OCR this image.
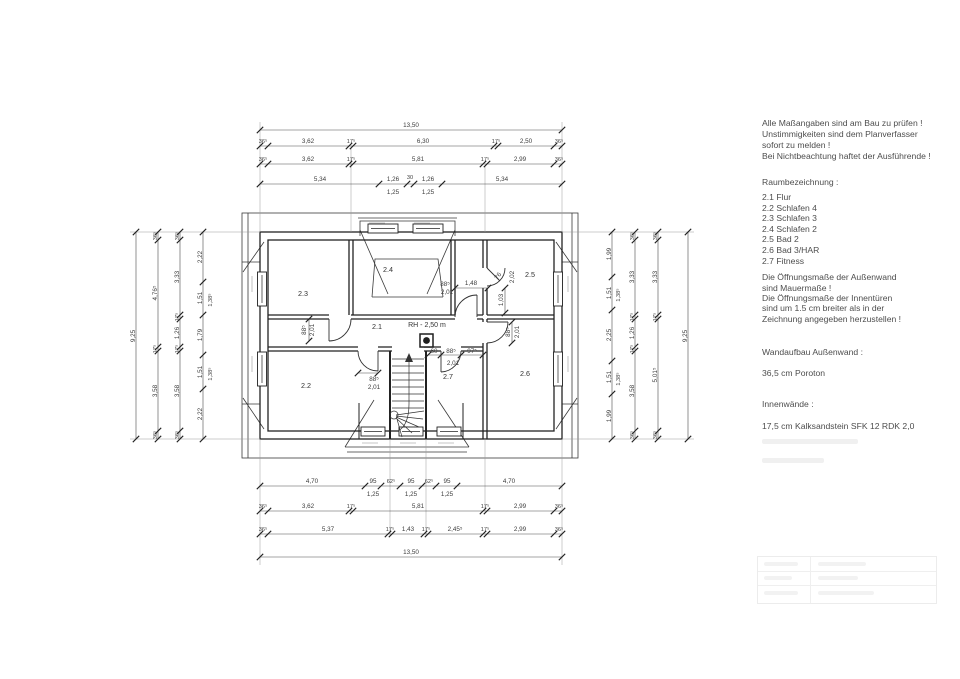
2.1	RH - 2,50 m
2.2
2.3
2.4
2.5
2.6
2.7
88⁵ 2,01
88⁵
2,01
88⁵
2,01
1,48
76 2,02
1,03
88⁵ 2,01
60 88⁵ 97⁵
2,01
13,50
36⁵	3,62	17⁵	6,30	17⁵	2,50	36⁵
36⁵	3,62	17⁵	5,81	17⁵	2,99	36⁵
5,34	1,26 30 1,26	5,34
1,25	1,25
4,70	95 62⁵ 95 62⁵ 95	4,70
1,25	1,25	1,25
36⁵	3,62	17⁵	5,81	17⁵	2,99	36⁵
36⁵	5,37	17⁵ 1,43 17⁵	2,45⁵	17⁵	2,99	36⁵
13,50
9,25
36⁵
4,76⁵
17⁵
3,58
36⁵
36⁵
3,33
17⁵
1,26
17⁵
3,58
36⁵
2,22
1,51 1,38⁵
1,79
1,51 1,38⁵
2,22
1,99
1,51 1,38⁵
2,25
1,51 1,38⁵
1,99
36⁵
3,33
17⁵
1,26
17⁵
3,58
36⁵
36⁵
3,33
17⁵
5,01⁵
36⁵
9,25
Alle Maßangaben sind am Bau zu prüfen !
Unstimmigkeiten sind dem Planverfasser
sofort zu melden !
Bei Nichtbeachtung haftet der Ausführende !
Raumbezeichnung :
2.1 Flur
2.2 Schlafen 4
2.3 Schlafen 3
2.4 Schlafen 2
2.5 Bad 2
2.6 Bad 3/HAR
2.7 Fitness
Die Öffnungsmaße der Außenwand
sind Mauermaße !
Die Öffnungsmaße der Innentüren
sind um 1.5 cm breiter als in der
Zeichnung angegeben herzustellen !
Wandaufbau Außenwand :
36,5 cm Poroton
Innenwände :
17,5 cm Kalksandstein SFK 12 RDK 2,0
